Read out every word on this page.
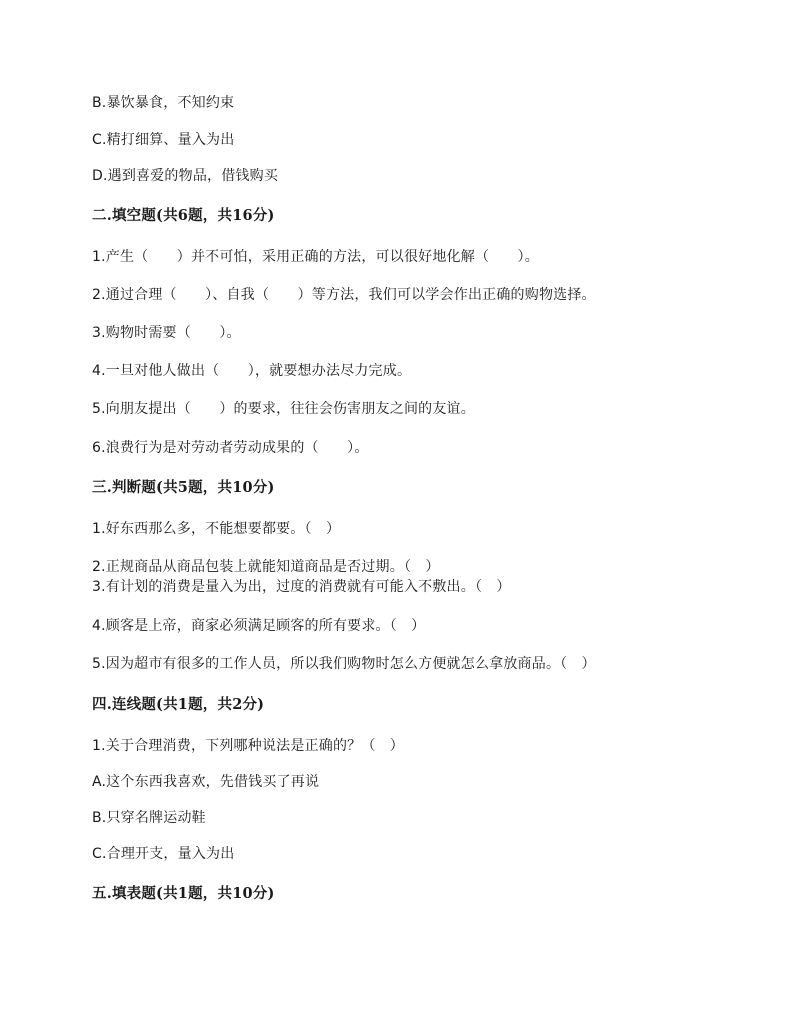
B.暴饮暴食，不知约束
C.精打细算、量入为出
D.遇到喜爱的物品，借钱购买
二.填空题(共6题，共16分)
1.产生（　　）并不可怕，采用正确的方法，可以很好地化解（　　）。
2.通过合理（　　）、自我（　　）等方法，我们可以学会作出正确的购物选择。
3.购物时需要（　　）。
4.一旦对他人做出（　　），就要想办法尽力完成。
5.向朋友提出（　　）的要求，往往会伤害朋友之间的友谊。
6.浪费行为是对劳动者劳动成果的（　　）。
三.判断题(共5题，共10分)
1.好东西那么多，不能想要都要。（　）
2.正规商品从商品包装上就能知道商品是否过期。（　）
3.有计划的消费是量入为出，过度的消费就有可能入不敷出。（　）
4.顾客是上帝，商家必须满足顾客的所有要求。（　）
5.因为超市有很多的工作人员，所以我们购物时怎么方便就怎么拿放商品。（　）
四.连线题(共1题，共2分)
1.关于合理消费，下列哪种说法是正确的？（　）
A.这个东西我喜欢，先借钱买了再说
B.只穿名牌运动鞋
C.合理开支，量入为出
五.填表题(共1题，共10分)
